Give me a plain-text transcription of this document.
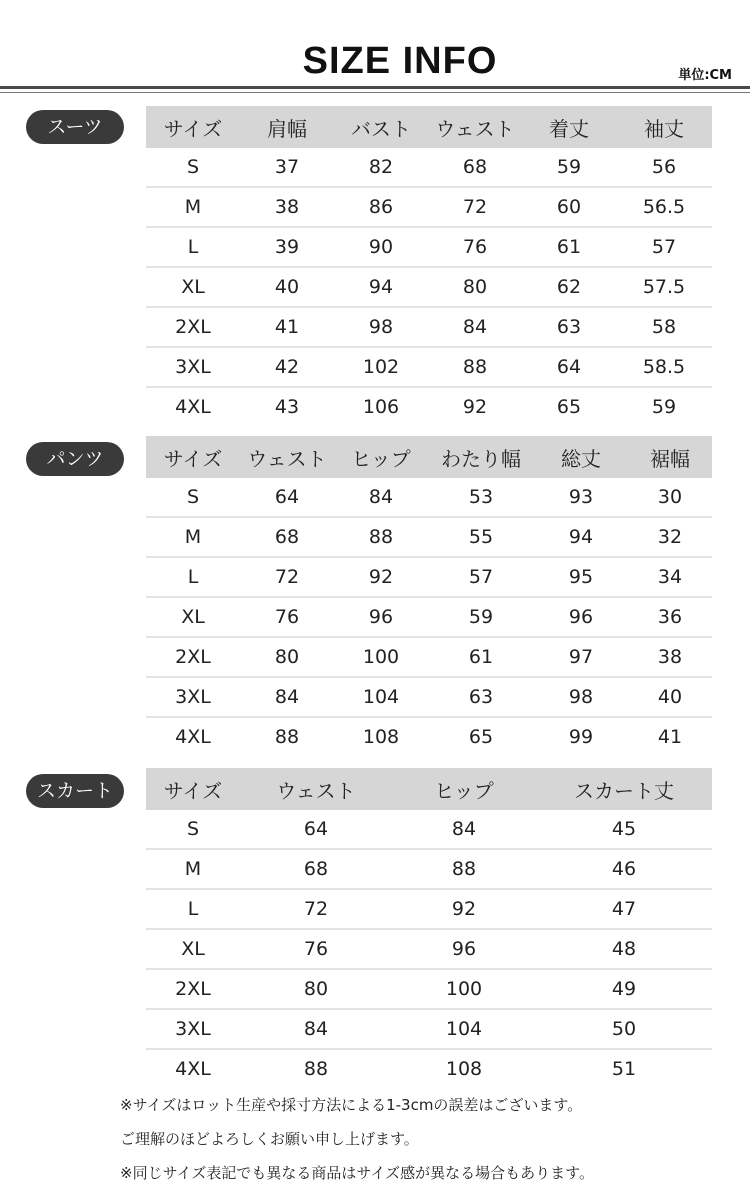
SIZE INFO	単位:CM
スーツ	サイズ	肩幅	バスト	ウェスト	着丈	袖丈
S	37	82	68	59	56
M	38	86	72	60	56.5
L	39	90	76	61	57
XL	40	94	80	62	57.5
2XL	41	98	84	63	58
3XL	42	102	88	64	58.5
4XL	43	106	92	65	59
パンツ	サイズ	ウェスト	ヒップ	わたり幅	総丈	裾幅
S	64	84	53	93	30
M	68	88	55	94	32
L	72	92	57	95	34
XL	76	96	59	96	36
2XL	80	100	61	97	38
3XL	84	104	63	98	40
4XL	88	108	65	99	41
スカート	サイズ	ウェスト	ヒップ	スカート丈
S	64	84	45
M	68	88	46
L	72	92	47
XL	76	96	48
2XL	80	100	49
3XL	84	104	50
4XL	88	108	51
※サイズはロット生産や採寸方法による1-3cmの誤差はございます。
ご理解のほどよろしくお願い申し上げます。
※同じサイズ表記でも異なる商品はサイズ感が異なる場合もあります。
